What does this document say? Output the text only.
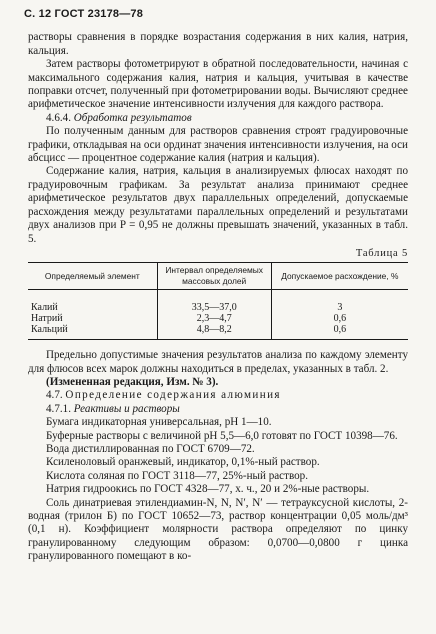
С. 12 ГОСТ 23178—78

растворы сравнения в порядке возрастания содержания в них калия, натрия, кальция.

Затем растворы фотометрируют в обратной последовательности, начиная с максимального содержания калия, натрия и кальция, учитывая в качестве поправки отсчет, полученный при фотометрировании воды. Вычисляют среднее арифметическое значение интенсивности излучения для каждого раствора.

4.6.4. Обработка результатов

По полученным данным для растворов сравнения строят градуировочные графики, откладывая на оси ординат значения интенсивности излучения, на оси абсцисс — процентное содержание калия (натрия и кальция).

Содержание калия, натрия, кальция в анализируемых флюсах находят по градуировочным графикам. За результат анализа принимают среднее арифметическое результатов двух параллельных определений, допускаемые расхождения между результатами параллельных определений и результатами двух анализов при P = 0,95 не должны превышать значений, указанных в табл. 5.

Таблица 5
Определяемый элемент	Интервал определяемых массовых долей	Допускаемое расхождение, %
Калий	33,5—37,0	3
Натрий	2,3—4,7	0,6
Кальций	4,8—8,2	0,6

Предельно допустимые значения результатов анализа по каждому элементу для флюсов всех марок должны находиться в пределах, указанных в табл. 2.

(Измененная редакция, Изм. № 3).

4.7. Определение содержания алюминия

4.7.1. Реактивы и растворы

Бумага индикаторная универсальная, рН 1—10.

Буферные растворы с величиной рН 5,5—6,0 готовят по ГОСТ 10398—76.

Вода дистиллированная по ГОСТ 6709—72.

Ксиленоловый оранжевый, индикатор, 0,1%-ный раствор.

Кислота соляная по ГОСТ 3118—77, 25%-ный раствор.

Натрия гидроокись по ГОСТ 4328—77, х. ч., 20 и 2%-ные растворы.

Соль динатриевая этилендиамин-N, N, N′, N′ — тетрауксусной кислоты, 2-водная (трилон Б) по ГОСТ 10652—73, раствор концентрации 0,05 моль/дм³ (0,1 н). Коэффициент молярности раствора определяют по цинку гранулированному следующим образом: 0,0700—0,0800 г цинка гранулированного помещают в ко-
